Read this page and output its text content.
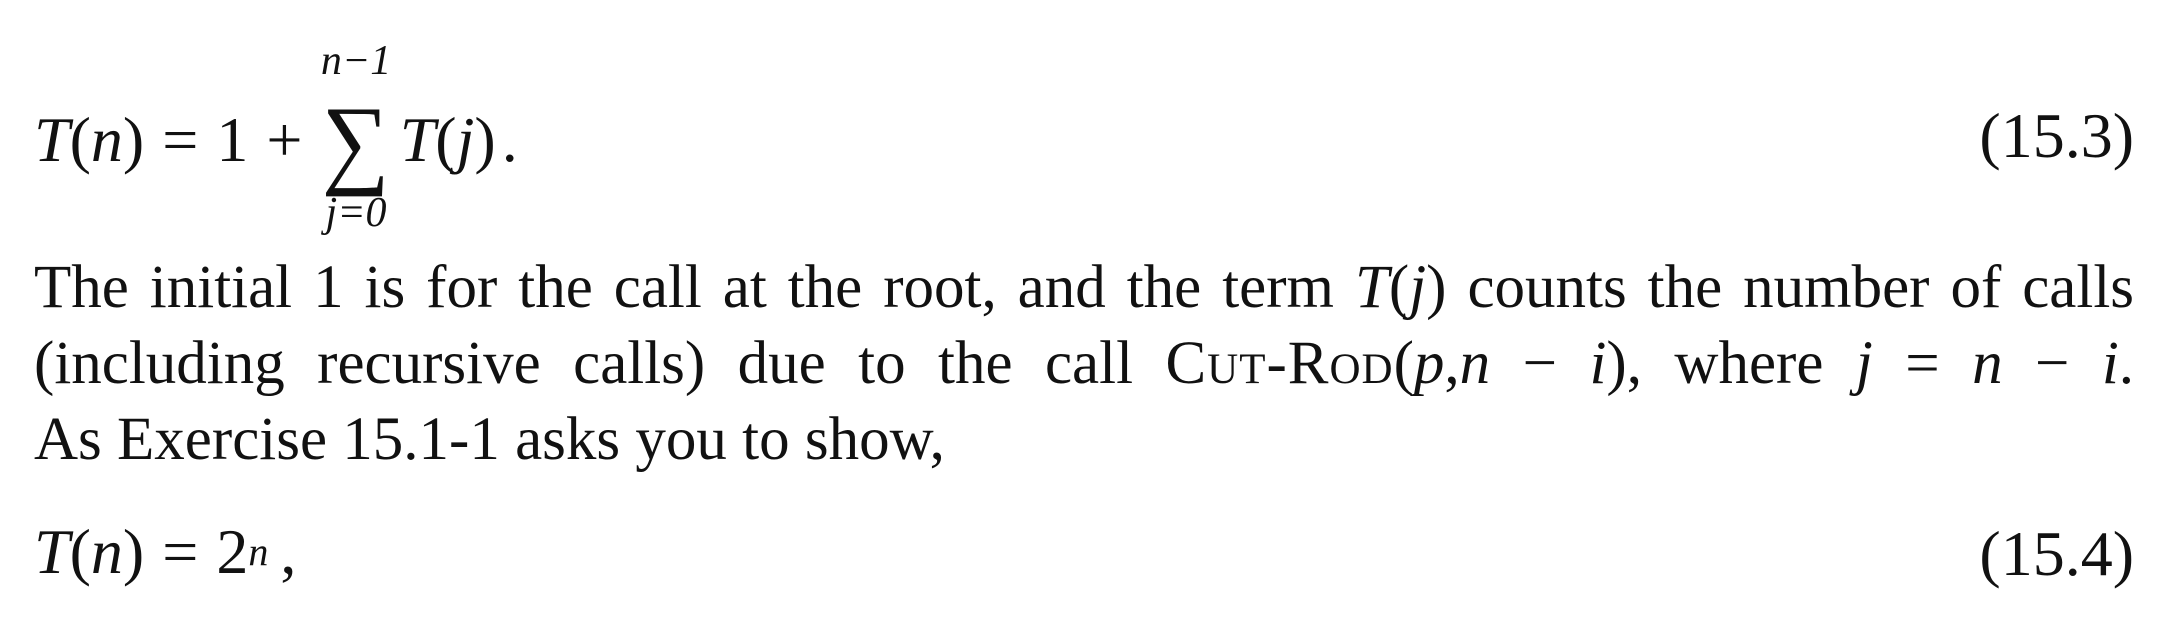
T ( n ) = 1 +
n−1
∑
j=0
T ( j ) .	(15.3)
The initial 1 is for the call at the root, and the term T(j) counts the number of calls
(including recursive calls) due to the call Cut-Rod(p,n − i), where j = n − i.
As Exercise 15.1-1 asks you to show,
T ( n ) = 2 n ,	(15.4)
